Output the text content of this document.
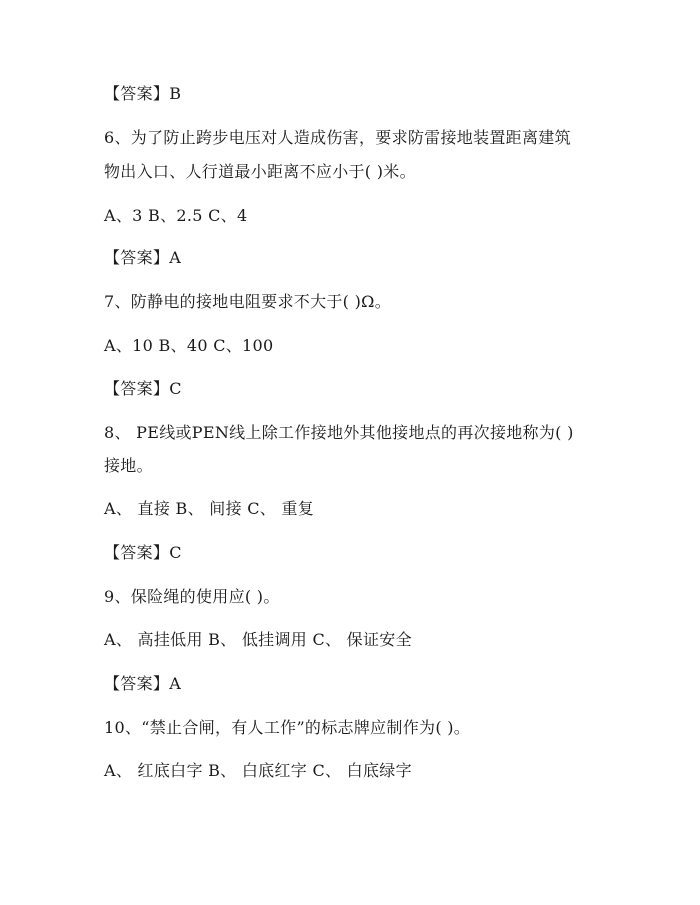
【答案】B
6、为了防止跨步电压对人造成伤害，要求防雷接地装置距离建筑
物出入口、人行道最小距离不应小于( )米。
A、3 B、2.5 C、4
【答案】A
7、防静电的接地电阻要求不大于( )Ω。
A、10 B、40 C、100
【答案】C
8、 PE线或PEN线上除工作接地外其他接地点的再次接地称为( )
接地。
A、 直接 B、 间接 C、 重复
【答案】C
9、保险绳的使用应( )。
A、 高挂低用 B、 低挂调用 C、 保证安全
【答案】A
10、“禁止合闸，有人工作”的标志牌应制作为( )。
A、 红底白字 B、 白底红字 C、 白底绿字
